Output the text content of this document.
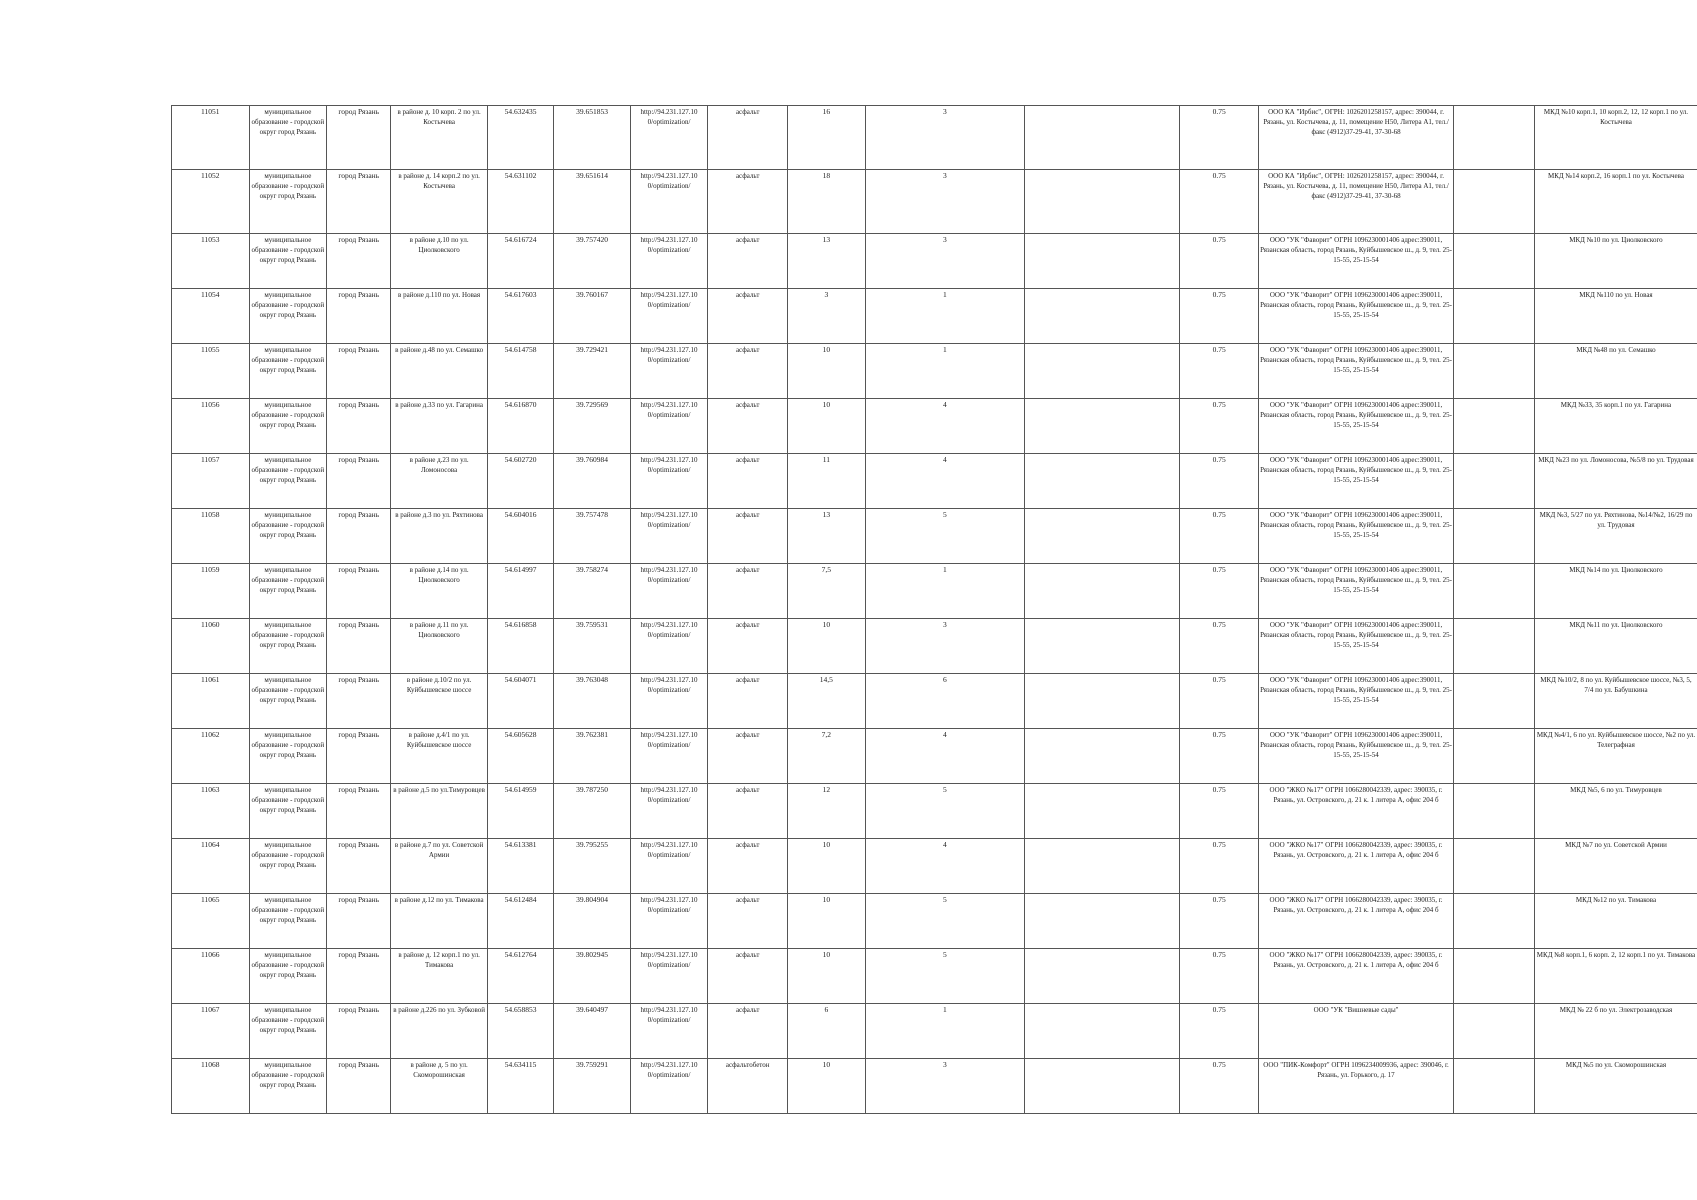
11051	муниципальное образование - городской округ город Рязань	город Рязань	в районе д. 10 корп. 2 по ул. Костычева	54.632435	39.651853	http://94.231.127.10 0/optimization/	асфальт	16	3		0.75	ООО КА "Ирбис", ОГРН: 1026201258157, адрес: 390044, г. Рязань, ул. Костычева, д. 11, помещение Н50, Литера А1, тел./факс (4912)37-29-41, 37-30-68		МКД №10 корп.1, 10 корп.2, 12, 12 корп.1 по ул. Костычева
11052	муниципальное образование - городской округ город Рязань	город Рязань	в районе д. 14 корп.2 по ул. Костычева	54.631102	39.651614	http://94.231.127.10 0/optimization/	асфальт	18	3		0.75	ООО КА "Ирбис", ОГРН: 1026201258157, адрес: 390044, г. Рязань, ул. Костычева, д. 11, помещение Н50, Литера А1, тел./факс (4912)37-29-41, 37-30-68		МКД №14 корп.2, 16 корп.1 по ул. Костычева
11053	муниципальное образование - городской округ город Рязань	город Рязань	в районе д.10 по ул. Циолковского	54.616724	39.757420	http://94.231.127.10 0/optimization/	асфальт	13	3		0.75	ООО "УК "Фаворит" ОГРН 1096230001406 адрес:390011, Рязанская область, город Рязань, Куйбышевское ш., д. 9, тел. 25-15-55, 25-15-54		МКД №10 по ул. Циолковского
11054	муниципальное образование - городской округ город Рязань	город Рязань	в районе д.110 по ул. Новая	54.617603	39.760167	http://94.231.127.10 0/optimization/	асфальт	3	1		0.75	ООО "УК "Фаворит" ОГРН 1096230001406 адрес:390011, Рязанская область, город Рязань, Куйбышевское ш., д. 9, тел. 25-15-55, 25-15-54		МКД №110 по ул. Новая
11055	муниципальное образование - городской округ город Рязань	город Рязань	в районе д.48 по ул. Семашко	54.614758	39.729421	http://94.231.127.10 0/optimization/	асфальт	10	1		0.75	ООО "УК "Фаворит" ОГРН 1096230001406 адрес:390011, Рязанская область, город Рязань, Куйбышевское ш., д. 9, тел. 25-15-55, 25-15-54		МКД №48 по ул. Семашко
11056	муниципальное образование - городской округ город Рязань	город Рязань	в районе д.33 по ул. Гагарина	54.616870	39.729569	http://94.231.127.10 0/optimization/	асфальт	10	4		0.75	ООО "УК "Фаворит" ОГРН 1096230001406 адрес:390011, Рязанская область, город Рязань, Куйбышевское ш., д. 9, тел. 25-15-55, 25-15-54		МКД №33, 35 корп.1 по ул. Гагарина
11057	муниципальное образование - городской округ город Рязань	город Рязань	в районе д.23 по ул. Ломоносова	54.602720	39.760984	http://94.231.127.10 0/optimization/	асфальт	11	4		0.75	ООО "УК "Фаворит" ОГРН 1096230001406 адрес:390011, Рязанская область, город Рязань, Куйбышевское ш., д. 9, тел. 25-15-55, 25-15-54		МКД №23 по ул. Ломоносова, №5/8 по ул. Трудовая
11058	муниципальное образование - городской округ город Рязань	город Рязань	в районе д.3 по ул. Ряхтинова	54.604016	39.757478	http://94.231.127.10 0/optimization/	асфальт	13	5		0.75	ООО "УК "Фаворит" ОГРН 1096230001406 адрес:390011, Рязанская область, город Рязань, Куйбышевское ш., д. 9, тел. 25-15-55, 25-15-54		МКД №3, 5/27 по ул. Ряхтинова, №14/№2, 16/29 по ул. Трудовая
11059	муниципальное образование - городской округ город Рязань	город Рязань	в районе д.14 по ул. Циолковского	54.614997	39.758274	http://94.231.127.10 0/optimization/	асфальт	7,5	1		0.75	ООО "УК "Фаворит" ОГРН 1096230001406 адрес:390011, Рязанская область, город Рязань, Куйбышевское ш., д. 9, тел. 25-15-55, 25-15-54		МКД №14 по ул. Циолковского
11060	муниципальное образование - городской округ город Рязань	город Рязань	в районе д.11 по ул. Циолковского	54.616858	39.759531	http://94.231.127.10 0/optimization/	асфальт	10	3		0.75	ООО "УК "Фаворит" ОГРН 1096230001406 адрес:390011, Рязанская область, город Рязань, Куйбышевское ш., д. 9, тел. 25-15-55, 25-15-54		МКД №11 по ул. Циолковского
11061	муниципальное образование - городской округ город Рязань	город Рязань	в районе д.10/2 по ул. Куйбышевское шоссе	54.604071	39.763048	http://94.231.127.10 0/optimization/	асфальт	14,5	6		0.75	ООО "УК "Фаворит" ОГРН 1096230001406 адрес:390011, Рязанская область, город Рязань, Куйбышевское ш., д. 9, тел. 25-15-55, 25-15-54		МКД №10/2, 8 по ул. Куйбышевское шоссе, №3, 5, 7/4 по ул. Бабушкина
11062	муниципальное образование - городской округ город Рязань	город Рязань	в районе д.4/1 по ул. Куйбышевское шоссе	54.605628	39.762381	http://94.231.127.10 0/optimization/	асфальт	7,2	4		0.75	ООО "УК "Фаворит" ОГРН 1096230001406 адрес:390011, Рязанская область, город Рязань, Куйбышевское ш., д. 9, тел. 25-15-55, 25-15-54		МКД №4/1, 6 по ул. Куйбышевское шоссе, №2 по ул. Телеграфная
11063	муниципальное образование - городской округ город Рязань	город Рязань	в районе д.5 по ул.Тимуровцев	54.614959	39.787250	http://94.231.127.10 0/optimization/	асфальт	12	5		0.75	ООО "ЖКО №17" ОГРН 1066280042339, адрес: 390035, г. Рязань, ул. Островского, д. 21 к. 1 литера А, офис 204 б		МКД №5, 6 по ул. Тимуровцев
11064	муниципальное образование - городской округ город Рязань	город Рязань	в районе д.7 по ул. Советской Армии	54.613381	39.795255	http://94.231.127.10 0/optimization/	асфальт	10	4		0.75	ООО "ЖКО №17" ОГРН 1066280042339, адрес: 390035, г. Рязань, ул. Островского, д. 21 к. 1 литера А, офис 204 б		МКД №7 по ул. Советской Армии
11065	муниципальное образование - городской округ город Рязань	город Рязань	в районе д.12 по ул. Тимакова	54.612484	39.804904	http://94.231.127.10 0/optimization/	асфальт	10	5		0.75	ООО "ЖКО №17" ОГРН 1066280042339, адрес: 390035, г. Рязань, ул. Островского, д. 21 к. 1 литера А, офис 204 б		МКД №12 по ул. Тимакова
11066	муниципальное образование - городской округ город Рязань	город Рязань	в районе д. 12 корп.1 по ул. Тимакова	54.612764	39.802945	http://94.231.127.10 0/optimization/	асфальт	10	5		0.75	ООО "ЖКО №17" ОГРН 1066280042339, адрес: 390035, г. Рязань, ул. Островского, д. 21 к. 1 литера А, офис 204 б		МКД №8 корп.1, 6 корп. 2, 12 корп.1 по ул. Тимакова
11067	муниципальное образование - городской округ город Рязань	город Рязань	в районе д.226 по ул. Зубковой	54.658853	39.640497	http://94.231.127.10 0/optimization/	асфальт	6	1		0.75	ООО "УК "Вишневые сады"		МКД № 22 б по ул. Электрозаводская
11068	муниципальное образование - городской округ город Рязань	город Рязань	в районе д. 5 по ул. Скоморошинская	54.634115	39.759291	http://94.231.127.10 0/optimization/	асфальтобетон	10	3		0.75	ООО "ПИК-Комфорт" ОГРН 1096234009936, адрес: 390046, г. Рязань, ул. Горького, д. 17		МКД №5 по ул. Скоморошинская
